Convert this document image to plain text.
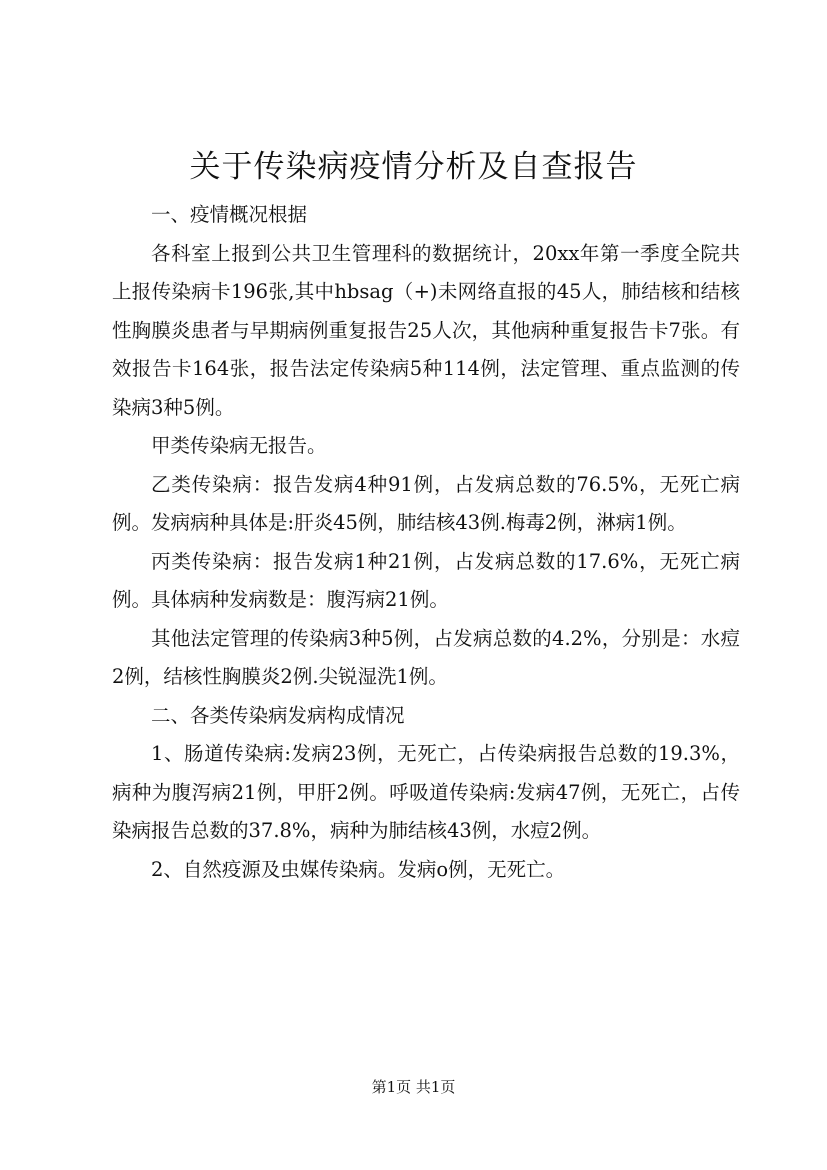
关于传染病疫情分析及自查报告

一、疫情概况根据

各科室上报到公共卫生管理科的数据统计，20xx年第一季度全院共上报传染病卡196张,其中hbsag（+)未网络直报的45人，肺结核和结核性胸膜炎患者与早期病例重复报告25人次，其他病种重复报告卡7张。有效报告卡164张，报告法定传染病5种114例，法定管理、重点监测的传染病3种5例。

甲类传染病无报告。

乙类传染病：报告发病4种91例，占发病总数的76.5%，无死亡病例。发病病种具体是:肝炎45例，肺结核43例.梅毒2例，淋病1例。

丙类传染病：报告发病1种21例，占发病总数的17.6%，无死亡病例。具体病种发病数是：腹泻病21例。

其他法定管理的传染病3种5例，占发病总数的4.2%，分别是：水痘2例，结核性胸膜炎2例.尖锐湿洗1例。

二、各类传染病发病构成情况

1、肠道传染病:发病23例，无死亡，占传染病报告总数的19.3%，病种为腹泻病21例，甲肝2例。呼吸道传染病:发病47例，无死亡，占传染病报告总数的37.8%，病种为肺结核43例，水痘2例。

2、自然疫源及虫媒传染病。发病o例，无死亡。

第1页 共1页
